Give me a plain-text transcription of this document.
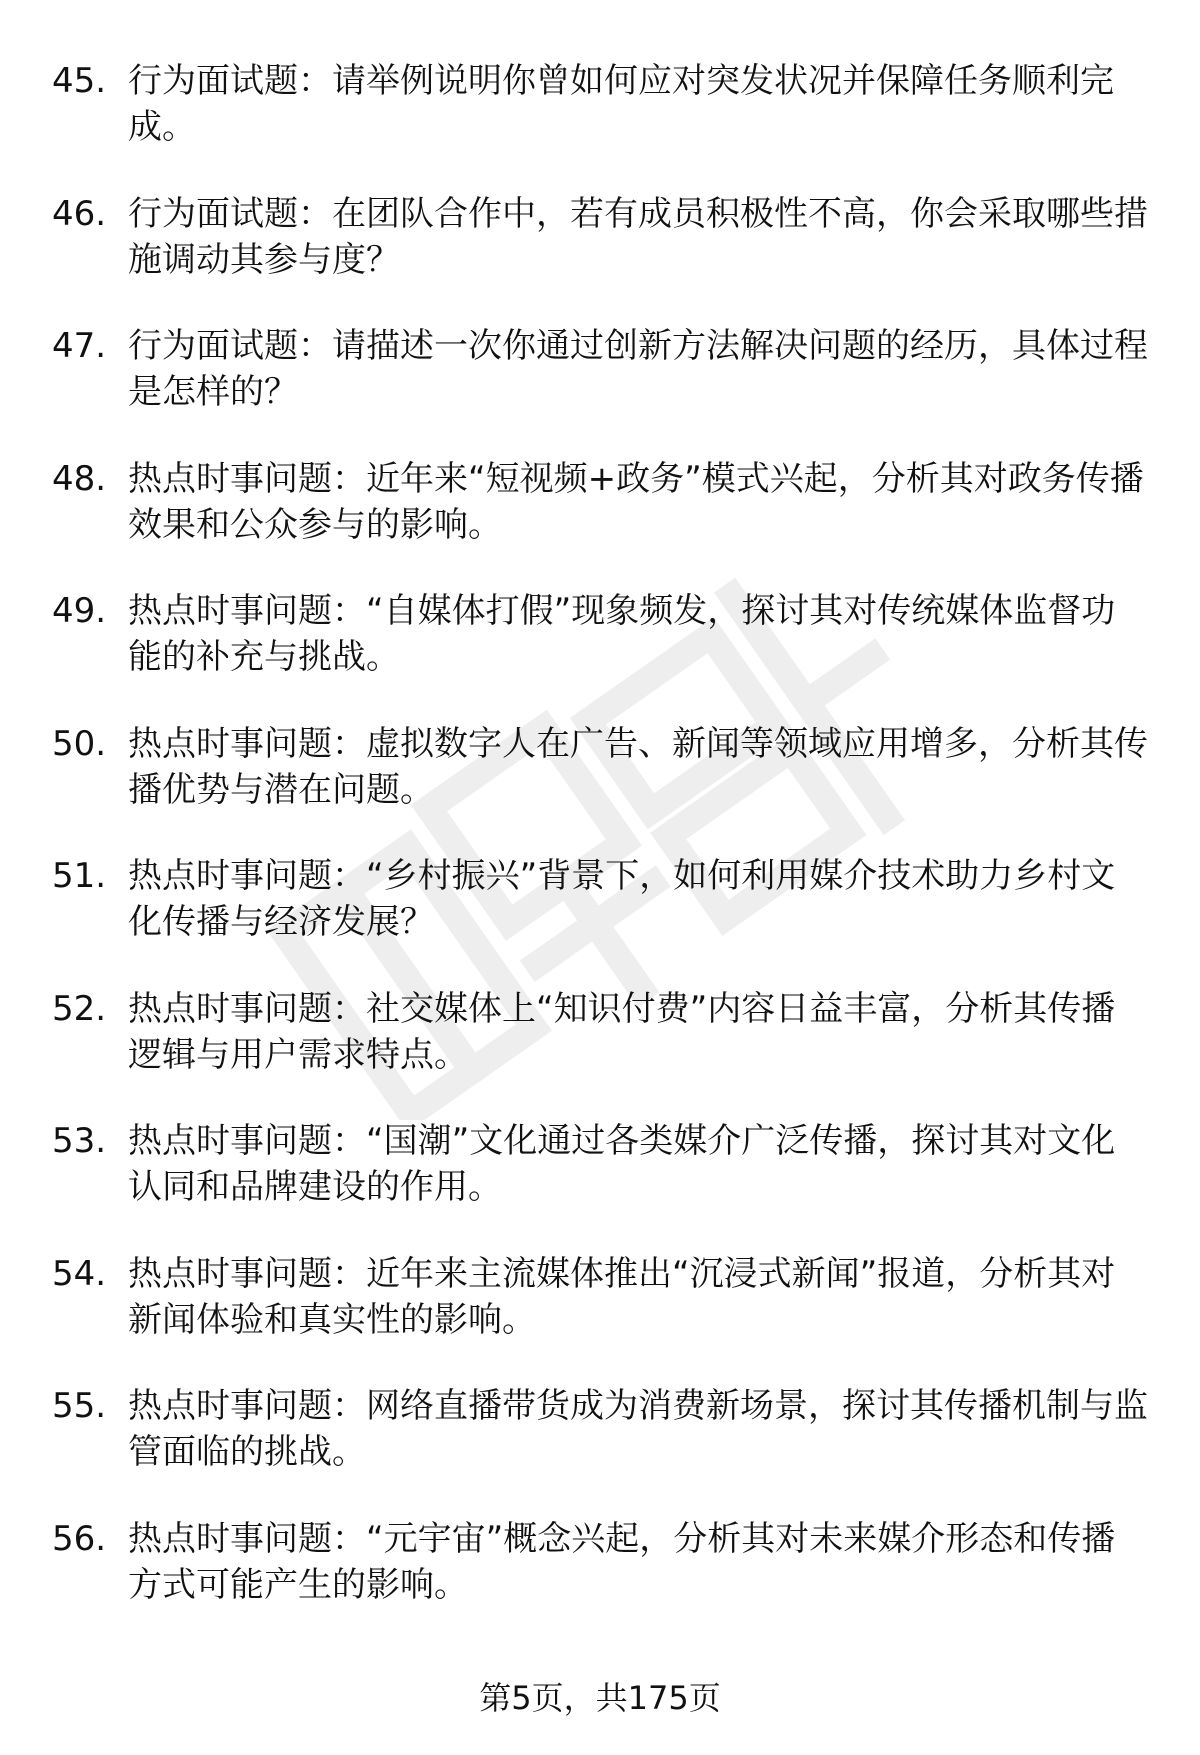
45. 行为面试题：请举例说明你曾如何应对突发状况并保障任务顺利完成。

46. 行为面试题：在团队合作中，若有成员积极性不高，你会采取哪些措施调动其参与度？

47. 行为面试题：请描述一次你通过创新方法解决问题的经历，具体过程是怎样的？

48. 热点时事问题：近年来“短视频+政务”模式兴起，分析其对政务传播效果和公众参与的影响。

49. 热点时事问题：“自媒体打假”现象频发，探讨其对传统媒体监督功能的补充与挑战。

50. 热点时事问题：虚拟数字人在广告、新闻等领域应用增多，分析其传播优势与潜在问题。

51. 热点时事问题：“乡村振兴”背景下，如何利用媒介技术助力乡村文化传播与经济发展？

52. 热点时事问题：社交媒体上“知识付费”内容日益丰富，分析其传播逻辑与用户需求特点。

53. 热点时事问题：“国潮”文化通过各类媒介广泛传播，探讨其对文化认同和品牌建设的作用。

54. 热点时事问题：近年来主流媒体推出“沉浸式新闻”报道，分析其对新闻体验和真实性的影响。

55. 热点时事问题：网络直播带货成为消费新场景，探讨其传播机制与监管面临的挑战。

56. 热点时事问题：“元宇宙”概念兴起，分析其对未来媒介形态和传播方式可能产生的影响。

第5页，共175页
